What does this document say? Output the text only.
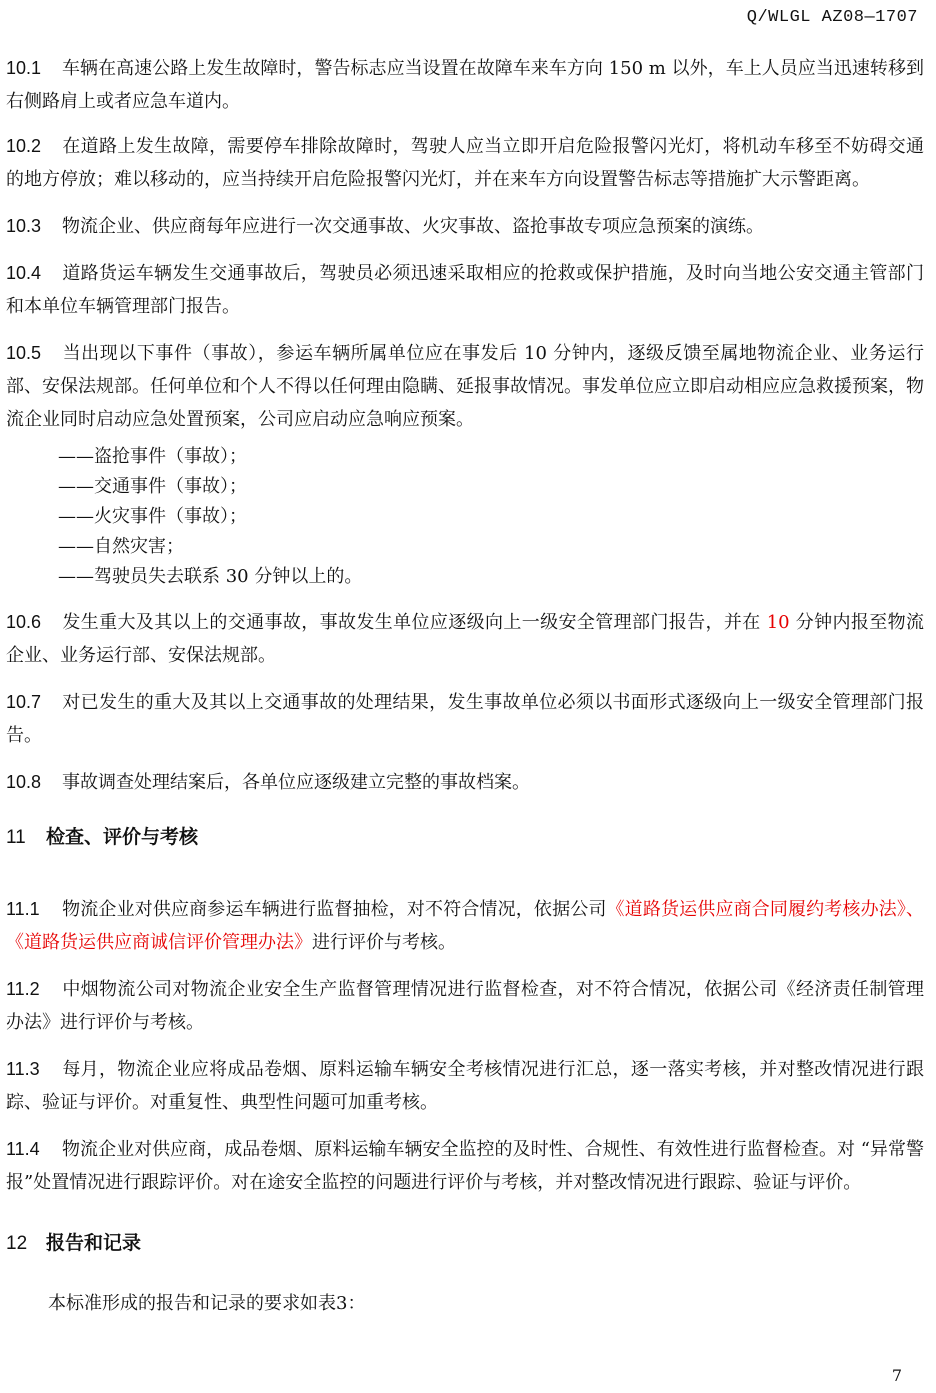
Q/WLGL AZ08—1707

10.1 车辆在高速公路上发生故障时，警告标志应当设置在故障车来车方向 150 m 以外，车上人员应当迅速转移到右侧路肩上或者应急车道内。

10.2 在道路上发生故障，需要停车排除故障时，驾驶人应当立即开启危险报警闪光灯，将机动车移至不妨碍交通的地方停放；难以移动的，应当持续开启危险报警闪光灯，并在来车方向设置警告标志等措施扩大示警距离。

10.3 物流企业、供应商每年应进行一次交通事故、火灾事故、盗抢事故专项应急预案的演练。

10.4 道路货运车辆发生交通事故后，驾驶员必须迅速采取相应的抢救或保护措施，及时向当地公安交通主管部门和本单位车辆管理部门报告。

10.5 当出现以下事件（事故），参运车辆所属单位应在事发后 10 分钟内，逐级反馈至属地物流企业、业务运行部、安保法规部。任何单位和个人不得以任何理由隐瞒、延报事故情况。事发单位应立即启动相应应急救援预案，物流企业同时启动应急处置预案，公司应启动应急响应预案。

——盗抢事件（事故）；
——交通事件（事故）；
——火灾事件（事故）；
——自然灾害；
——驾驶员失去联系 30 分钟以上的。

10.6 发生重大及其以上的交通事故，事故发生单位应逐级向上一级安全管理部门报告，并在 10 分钟内报至物流企业、业务运行部、安保法规部。

10.7 对已发生的重大及其以上交通事故的处理结果，发生事故单位必须以书面形式逐级向上一级安全管理部门报告。

10.8 事故调查处理结案后，各单位应逐级建立完整的事故档案。

11 检查、评价与考核

11.1 物流企业对供应商参运车辆进行监督抽检，对不符合情况，依据公司《道路货运供应商合同履约考核办法》、《道路货运供应商诚信评价管理办法》进行评价与考核。

11.2 中烟物流公司对物流企业安全生产监督管理情况进行监督检查，对不符合情况，依据公司《经济责任制管理办法》进行评价与考核。

11.3 每月，物流企业应将成品卷烟、原料运输车辆安全考核情况进行汇总，逐一落实考核，并对整改情况进行跟踪、验证与评价。对重复性、典型性问题可加重考核。

11.4 物流企业对供应商，成品卷烟、原料运输车辆安全监控的及时性、合规性、有效性进行监督检查。对 “异常警报”处置情况进行跟踪评价。对在途安全监控的问题进行评价与考核，并对整改情况进行跟踪、验证与评价。

12 报告和记录

本标准形成的报告和记录的要求如表3：

7
